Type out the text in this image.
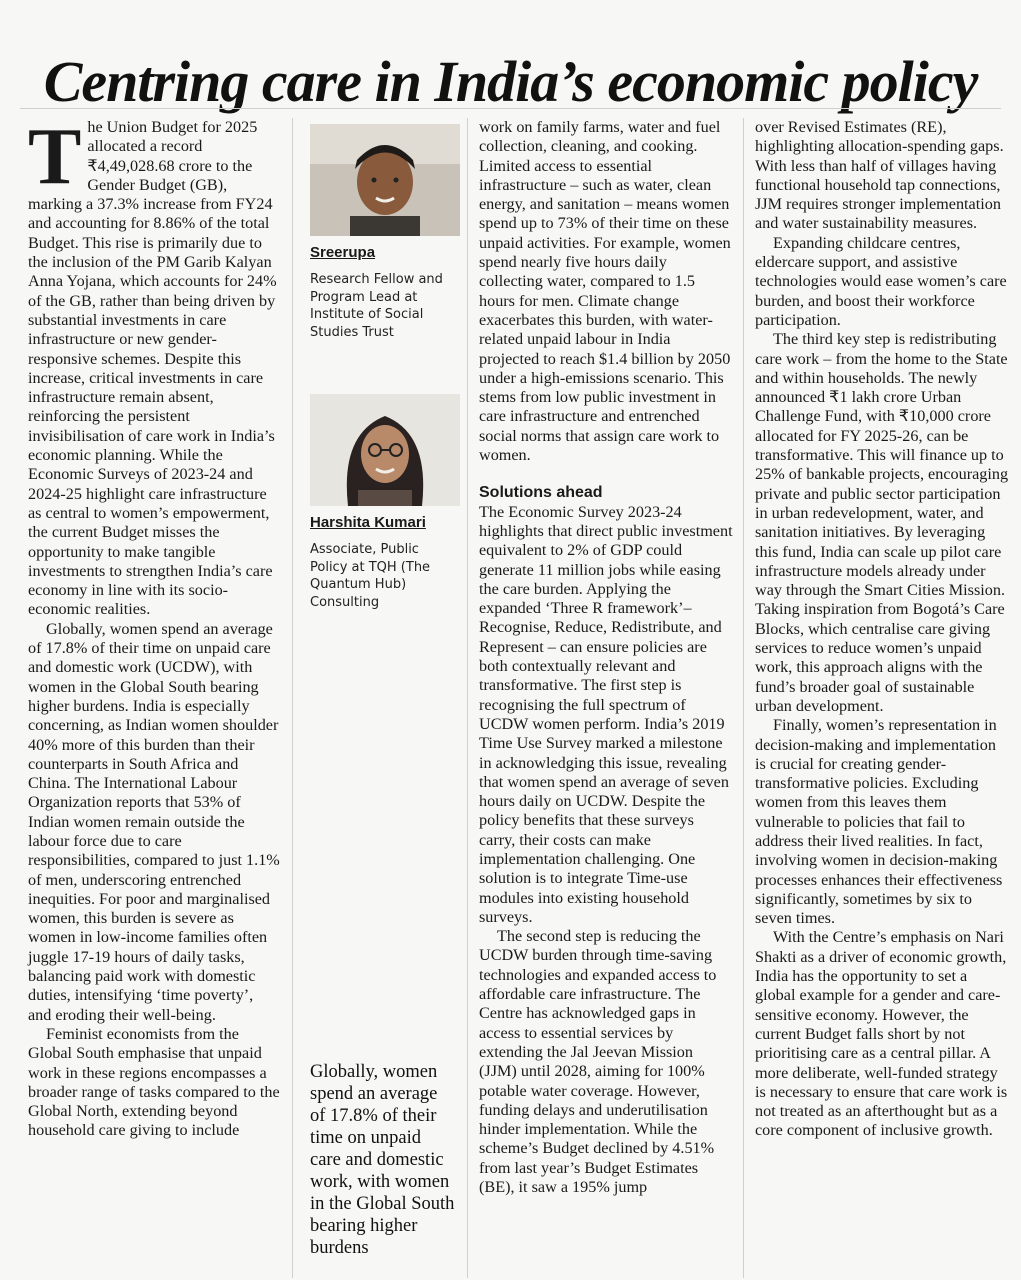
Centring care in India’s economic policy

The Union Budget for 2025 allocated a record ₹4,49,028.68 crore to the Gender Budget (GB), marking a 37.3% increase from FY24 and accounting for 8.86% of the total Budget. This rise is primarily due to the inclusion of the PM Garib Kalyan Anna Yojana, which accounts for 24% of the GB, rather than being driven by substantial investments in care infrastructure or new gender-responsive schemes. Despite this increase, critical investments in care infrastructure remain absent, reinforcing the persistent invisibilisation of care work in India’s economic planning. While the Economic Surveys of 2023-24 and 2024-25 highlight care infrastructure as central to women’s empowerment, the current Budget misses the opportunity to make tangible investments to strengthen India’s care economy in line with its socio-economic realities.

Globally, women spend an average of 17.8% of their time on unpaid care and domestic work (UCDW), with women in the Global South bearing higher burdens. India is especially concerning, as Indian women shoulder 40% more of this burden than their counterparts in South Africa and China. The International Labour Organization reports that 53% of Indian women remain outside the labour force due to care responsibilities, compared to just 1.1% of men, underscoring entrenched inequities. For poor and marginalised women, this burden is severe as women in low-income families often juggle 17-19 hours of daily tasks, balancing paid work with domestic duties, intensifying ‘time poverty’, and eroding their well-being.

Feminist economists from the Global South emphasise that unpaid work in these regions encompasses a broader range of tasks compared to the Global North, extending beyond household care giving to include

Sreerupa
Research Fellow and Program Lead at Institute of Social Studies Trust
Harshita Kumari
Associate, Public Policy at TQH (The Quantum Hub) Consulting
Globally, women spend an average of 17.8% of their time on unpaid care and domestic work, with women in the Global South bearing higher burdens

work on family farms, water and fuel collection, cleaning, and cooking. Limited access to essential infrastructure – such as water, clean energy, and sanitation – means women spend up to 73% of their time on these unpaid activities. For example, women spend nearly five hours daily collecting water, compared to 1.5 hours for men. Climate change exacerbates this burden, with water-related unpaid labour in India projected to reach $1.4 billion by 2050 under a high-emissions scenario. This stems from low public investment in care infrastructure and entrenched social norms that assign care work to women.

Solutions ahead

The Economic Survey 2023-24 highlights that direct public investment equivalent to 2% of GDP could generate 11 million jobs while easing the care burden. Applying the expanded ‘Three R framework’–Recognise, Reduce, Redistribute, and Represent – can ensure policies are both contextually relevant and transformative. The first step is recognising the full spectrum of UCDW women perform. India’s 2019 Time Use Survey marked a milestone in acknowledging this issue, revealing that women spend an average of seven hours daily on UCDW. Despite the policy benefits that these surveys carry, their costs can make implementation challenging. One solution is to integrate Time-use modules into existing household surveys.

The second step is reducing the UCDW burden through time-saving technologies and expanded access to affordable care infrastructure. The Centre has acknowledged gaps in access to essential services by extending the Jal Jeevan Mission (JJM) until 2028, aiming for 100% potable water coverage. However, funding delays and underutilisation hinder implementation. While the scheme’s Budget declined by 4.51% from last year’s Budget Estimates (BE), it saw a 195% jump

over Revised Estimates (RE), highlighting allocation-spending gaps. With less than half of villages having functional household tap connections, JJM requires stronger implementation and water sustainability measures.

Expanding childcare centres, eldercare support, and assistive technologies would ease women’s care burden, and boost their workforce participation.

The third key step is redistributing care work – from the home to the State and within households. The newly announced ₹1 lakh crore Urban Challenge Fund, with ₹10,000 crore allocated for FY 2025-26, can be transformative. This will finance up to 25% of bankable projects, encouraging private and public sector participation in urban redevelopment, water, and sanitation initiatives. By leveraging this fund, India can scale up pilot care infrastructure models already under way through the Smart Cities Mission. Taking inspiration from Bogotá’s Care Blocks, which centralise care giving services to reduce women’s unpaid work, this approach aligns with the fund’s broader goal of sustainable urban development.

Finally, women’s representation in decision-making and implementation is crucial for creating gender-transformative policies. Excluding women from this leaves them vulnerable to policies that fail to address their lived realities. In fact, involving women in decision-making processes enhances their effectiveness significantly, sometimes by six to seven times.

With the Centre’s emphasis on Nari Shakti as a driver of economic growth, India has the opportunity to set a global example for a gender and care-sensitive economy. However, the current Budget falls short by not prioritising care as a central pillar. A more deliberate, well-funded strategy is necessary to ensure that care work is not treated as an afterthought but as a core component of inclusive growth.
